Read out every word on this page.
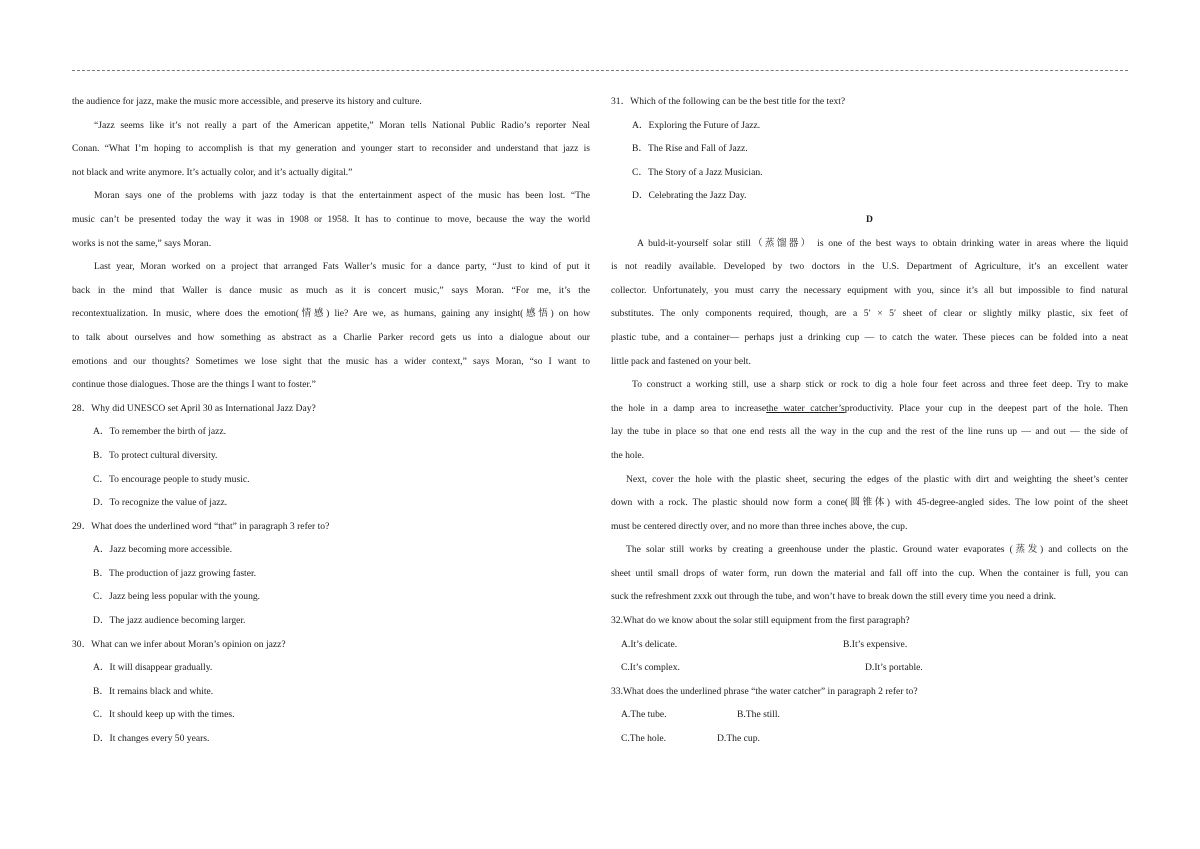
the audience for jazz, make the music more accessible, and preserve its history and culture.
“Jazz seems like it’s not really a part of the American appetite,” Moran tells National Public Radio’s reporter Neal
Conan. “What I’m hoping to accomplish is that my generation and younger start to reconsider and understand that jazz is
not black and write anymore. It’s actually color, and it’s actually digital.”
Moran says one of the problems with jazz today is that the entertainment aspect of the music has been lost. “The
music can’t be presented today the way it was in 1908 or 1958. It has to continue to move, because the way the world
works is not the same,” says Moran.
Last year, Moran worked on a project that arranged Fats Waller’s music for a dance party, “Just to kind of put it
back in the mind that Waller is dance music as much as it is concert music,” says Moran. “For me, it’s the
recontextualization. In music, where does the emotion(情感) lie? Are we, as humans, gaining any insight(感悟) on how
to talk about ourselves and how something as abstract as a Charlie Parker record gets us into a dialogue about our
emotions and our thoughts? Sometimes we lose sight that the music has a wider context,” says Moran, “so I want to
continue those dialogues. Those are the things I want to foster.”
28．Why did UNESCO set April 30 as International Jazz Day?
A．To remember the birth of jazz.
B．To protect cultural diversity.
C．To encourage people to study music.
D．To recognize the value of jazz.
29．What does the underlined word “that” in paragraph 3 refer to?
A．Jazz becoming more accessible.
B．The production of jazz growing faster.
C．Jazz being less popular with the young.
D．The jazz audience becoming larger.
30．What can we infer about Moran’s opinion on jazz?
A．It will disappear gradually.
B．It remains black and white.
C．It should keep up with the times.
D．It changes every 50 years.
31．Which of the following can be the best title for the text?
A．Exploring the Future of Jazz.
B．The Rise and Fall of Jazz.
C．The Story of a Jazz Musician.
D．Celebrating the Jazz Day.
D
A buld-it-yourself solar still（蒸馏器） is one of the best ways to obtain drinking water in areas where the liquid
is not readily available. Developed by two doctors in the U.S. Department of Agriculture, it’s an excellent water
collector. Unfortunately, you must carry the necessary equipment with you, since it’s all but impossible to find natural
substitutes. The only components required, though, are a 5′ × 5′ sheet of clear or slightly milky plastic, six feet of
plastic tube, and a container— perhaps just a drinking cup — to catch the water. These pieces can be folded into a neat
little pack and fastened on your belt.
To construct a working still, use a sharp stick or rock to dig a hole four feet across and three feet deep. Try to make
the hole in a damp area to increasethe water catcher’sproductivity. Place your cup in the deepest part of the hole. Then
lay the tube in place so that one end rests all the way in the cup and the rest of the line runs up — and out — the side of
the hole.
Next, cover the hole with the plastic sheet, securing the edges of the plastic with dirt and weighting the sheet’s center
down with a rock. The plastic should now form a cone(圆锥体) with 45-degree-angled sides. The low point of the sheet
must be centered directly over, and no more than three inches above, the cup.
The solar still works by creating a greenhouse under the plastic. Ground water evaporates (蒸发) and collects on the
sheet until small drops of water form, run down the material and fall off into the cup. When the container is full, you can
suck the refreshment zxxk out through the tube, and won’t have to break down the still every time you need a drink.
32.What do we know about the solar still equipment from the first paragraph?
A.It’s delicate.	B.It’s expensive.
C.It’s complex.	D.It’s portable.
33.What does the underlined phrase “the water catcher” in paragraph 2 refer to?
A.The tube.	B.The still.
C.The hole.	D.The cup.
